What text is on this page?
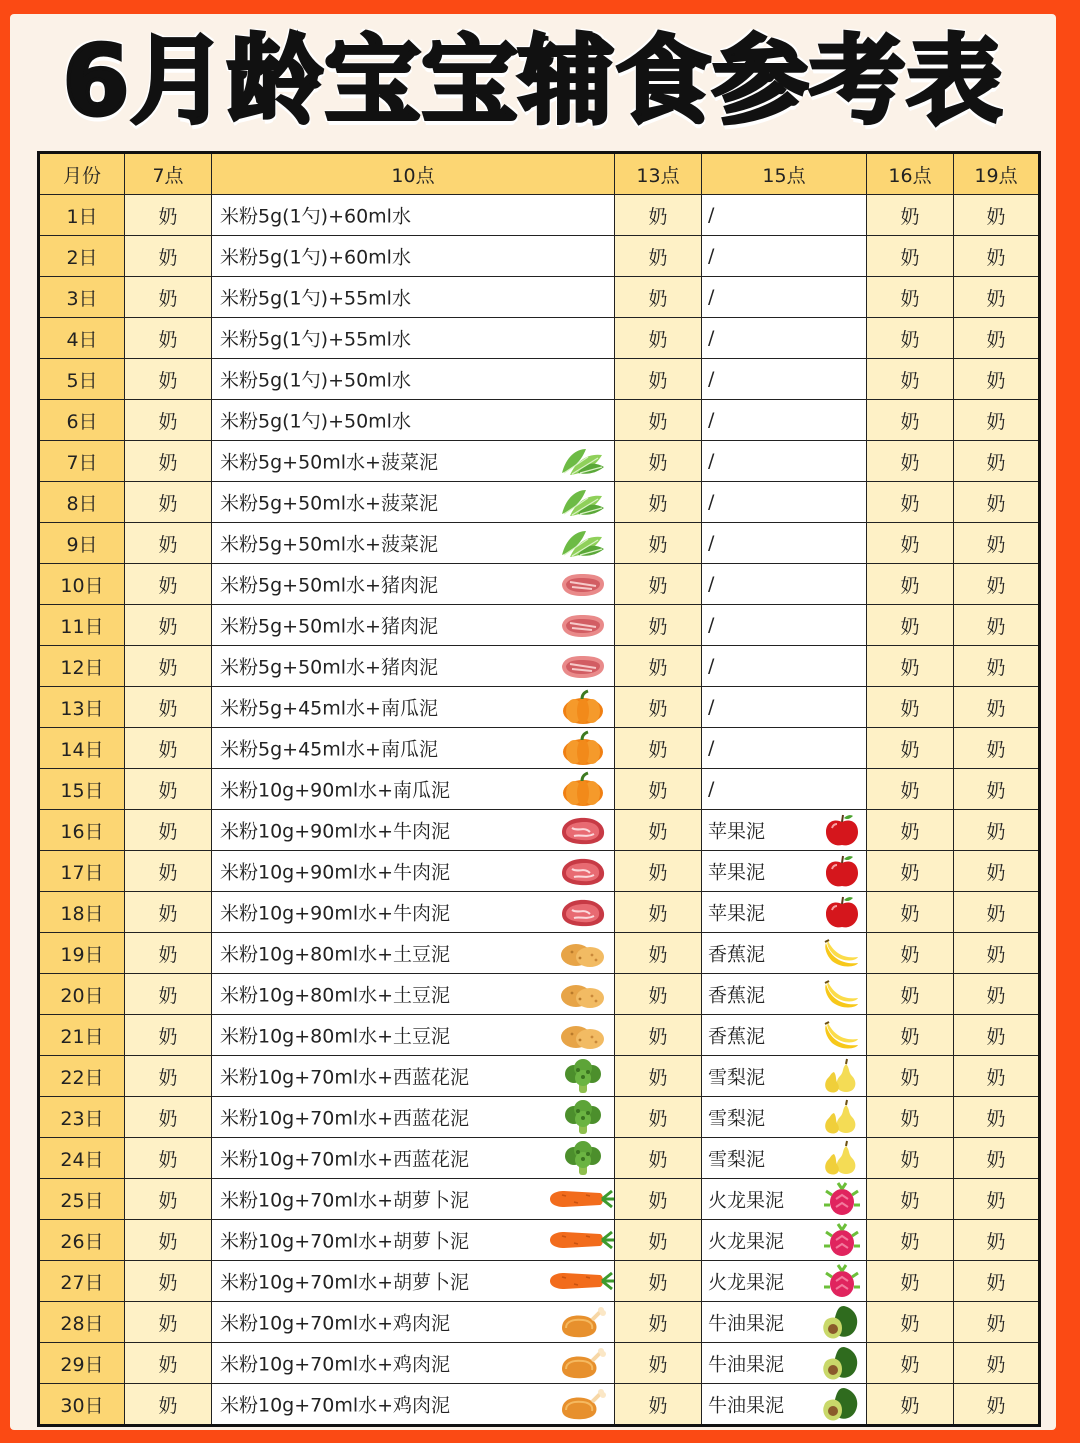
6月龄宝宝辅食参考表
月份	7点	10点	13点	15点	16点	19点
1日	奶	米粉5g(1勺)+60ml水	奶	/	奶	奶
2日	奶	米粉5g(1勺)+60ml水	奶	/	奶	奶
3日	奶	米粉5g(1勺)+55ml水	奶	/	奶	奶
4日	奶	米粉5g(1勺)+55ml水	奶	/	奶	奶
5日	奶	米粉5g(1勺)+50ml水	奶	/	奶	奶
6日	奶	米粉5g(1勺)+50ml水	奶	/	奶	奶
7日	奶	米粉5g+50ml水+菠菜泥	奶	/	奶	奶
8日	奶	米粉5g+50ml水+菠菜泥	奶	/	奶	奶
9日	奶	米粉5g+50ml水+菠菜泥	奶	/	奶	奶
10日	奶	米粉5g+50ml水+猪肉泥	奶	/	奶	奶
11日	奶	米粉5g+50ml水+猪肉泥	奶	/	奶	奶
12日	奶	米粉5g+50ml水+猪肉泥	奶	/	奶	奶
13日	奶	米粉5g+45ml水+南瓜泥	奶	/	奶	奶
14日	奶	米粉5g+45ml水+南瓜泥	奶	/	奶	奶
15日	奶	米粉10g+90ml水+南瓜泥	奶	/	奶	奶
16日	奶	米粉10g+90ml水+牛肉泥	奶	苹果泥	奶	奶
17日	奶	米粉10g+90ml水+牛肉泥	奶	苹果泥	奶	奶
18日	奶	米粉10g+90ml水+牛肉泥	奶	苹果泥	奶	奶
19日	奶	米粉10g+80ml水+土豆泥	奶	香蕉泥	奶	奶
20日	奶	米粉10g+80ml水+土豆泥	奶	香蕉泥	奶	奶
21日	奶	米粉10g+80ml水+土豆泥	奶	香蕉泥	奶	奶
22日	奶	米粉10g+70ml水+西蓝花泥	奶	雪梨泥	奶	奶
23日	奶	米粉10g+70ml水+西蓝花泥	奶	雪梨泥	奶	奶
24日	奶	米粉10g+70ml水+西蓝花泥	奶	雪梨泥	奶	奶
25日	奶	米粉10g+70ml水+胡萝卜泥	奶	火龙果泥	奶	奶
26日	奶	米粉10g+70ml水+胡萝卜泥	奶	火龙果泥	奶	奶
27日	奶	米粉10g+70ml水+胡萝卜泥	奶	火龙果泥	奶	奶
28日	奶	米粉10g+70ml水+鸡肉泥	奶	牛油果泥	奶	奶
29日	奶	米粉10g+70ml水+鸡肉泥	奶	牛油果泥	奶	奶
30日	奶	米粉10g+70ml水+鸡肉泥	奶	牛油果泥	奶	奶
